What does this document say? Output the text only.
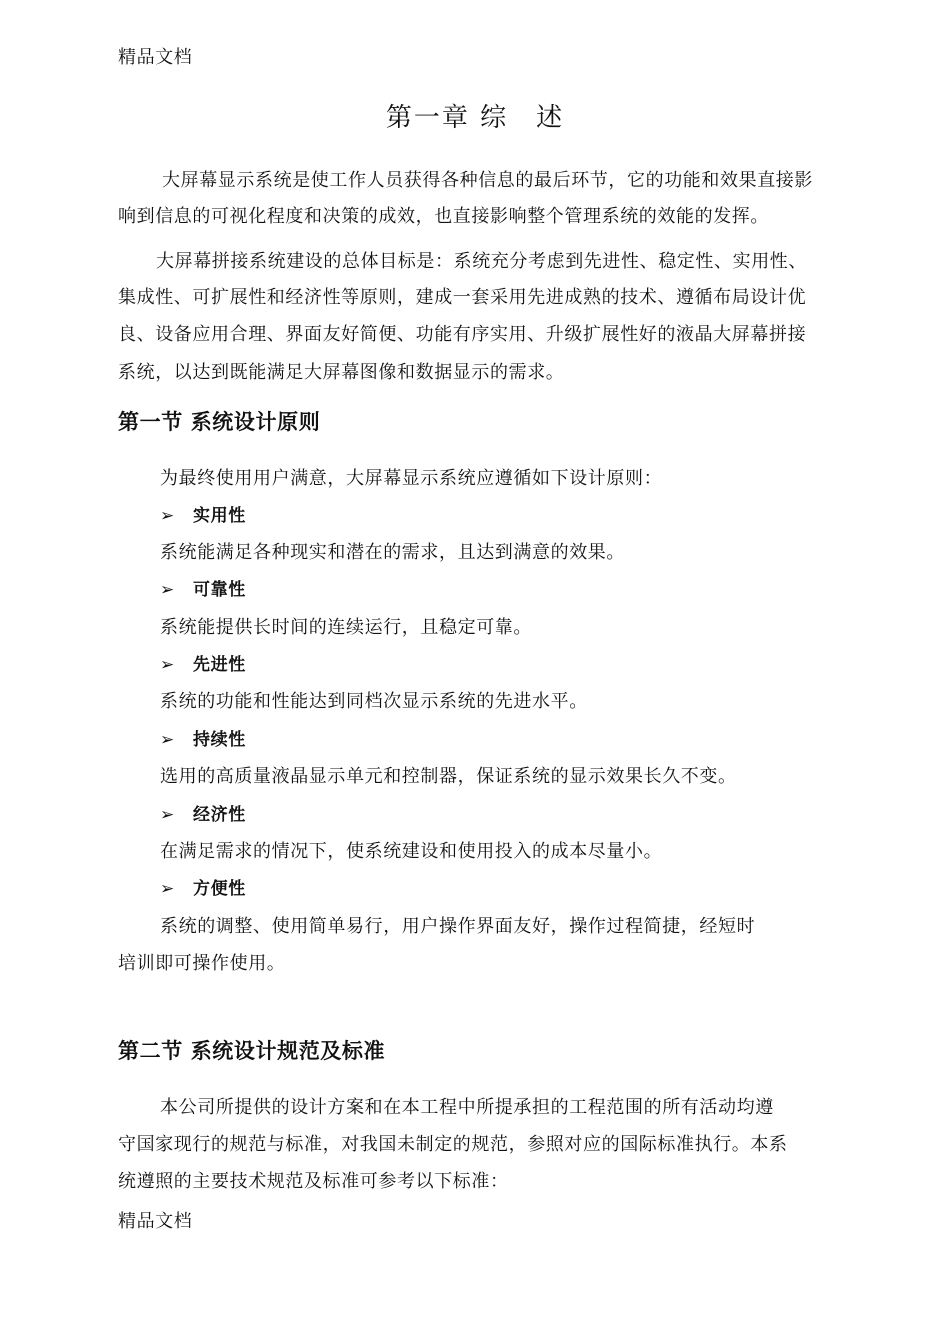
精品文档
第一章 综　述
大屏幕显示系统是使工作人员获得各种信息的最后环节，它的功能和效果直接影
响到信息的可视化程度和决策的成效，也直接影响整个管理系统的效能的发挥。
大屏幕拼接系统建设的总体目标是：系统充分考虑到先进性、稳定性、实用性、
集成性、可扩展性和经济性等原则，建成一套采用先进成熟的技术、遵循布局设计优
良、设备应用合理、界面友好简便、功能有序实用、升级扩展性好的液晶大屏幕拼接
系统，以达到既能满足大屏幕图像和数据显示的需求。
第一节 系统设计原则
为最终使用用户满意，大屏幕显示系统应遵循如下设计原则：
➢ 实用性
系统能满足各种现实和潜在的需求，且达到满意的效果。
➢ 可靠性
系统能提供长时间的连续运行，且稳定可靠。
➢ 先进性
系统的功能和性能达到同档次显示系统的先进水平。
➢ 持续性
选用的高质量液晶显示单元和控制器，保证系统的显示效果长久不变。
➢ 经济性
在满足需求的情况下，使系统建设和使用投入的成本尽量小。
➢ 方便性
系统的调整、使用简单易行，用户操作界面友好，操作过程简捷，经短时
培训即可操作使用。
第二节 系统设计规范及标准
本公司所提供的设计方案和在本工程中所提承担的工程范围的所有活动均遵
守国家现行的规范与标准，对我国未制定的规范，参照对应的国际标准执行。本系
统遵照的主要技术规范及标准可参考以下标准：
精品文档
